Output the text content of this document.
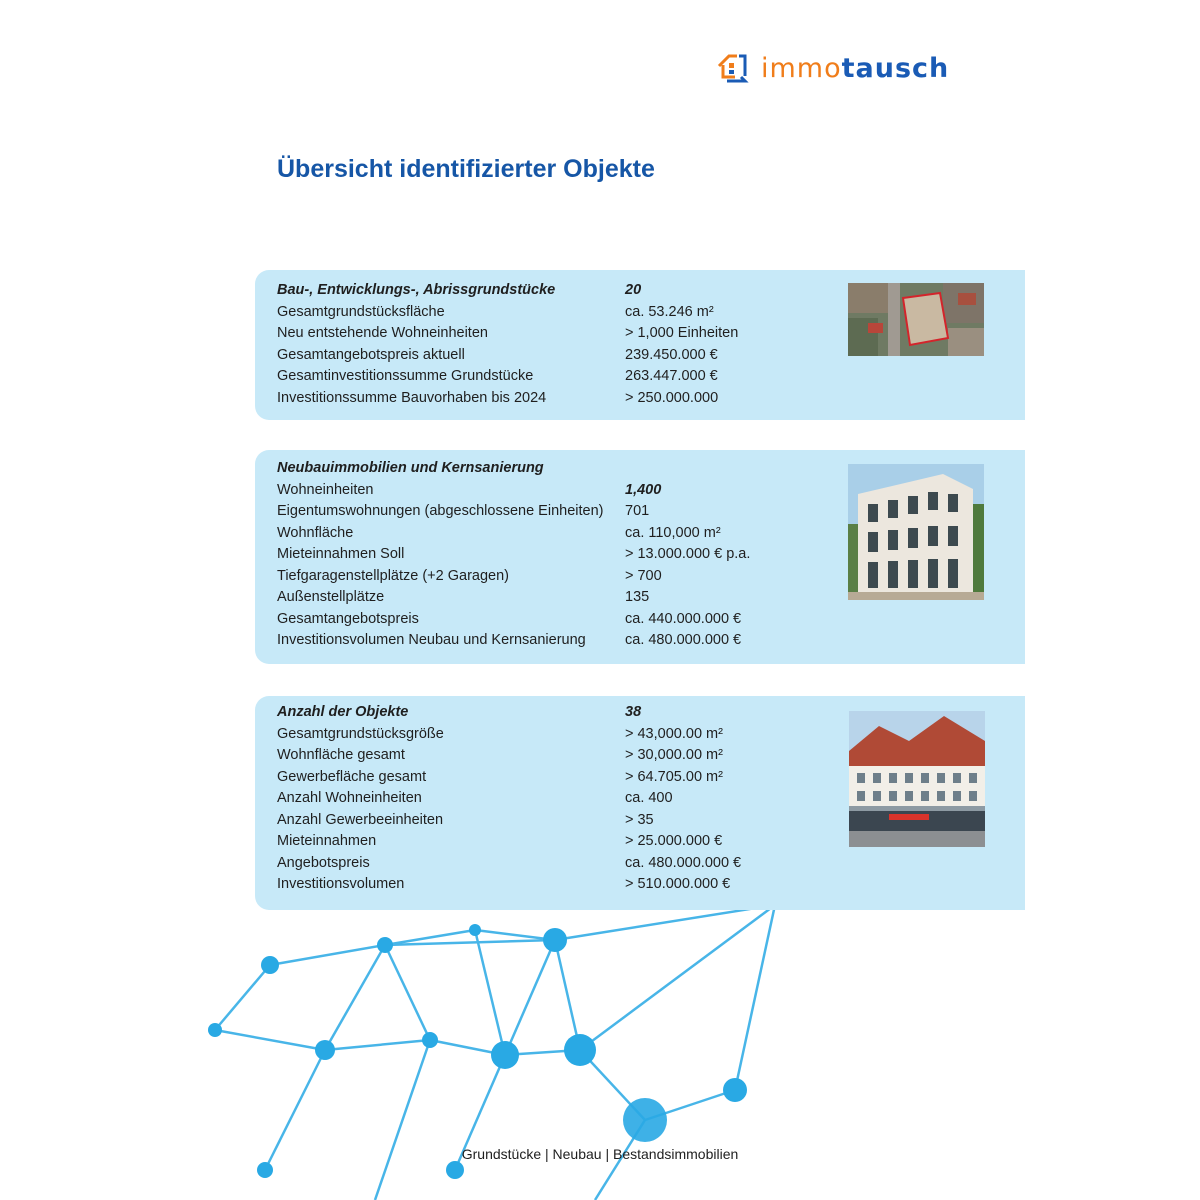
immotausch
Übersicht identifizierter Objekte
Bau-, Entwicklungs-, Abrissgrundstücke	20
Gesamtgrundstücksfläche	ca. 53.246 m²
Neu entstehende Wohneinheiten	> 1,000 Einheiten
Gesamtangebotspreis aktuell	239.450.000 €
Gesamtinvestitionssumme Grundstücke	263.447.000 €
Investitionssumme Bauvorhaben bis 2024	> 250.000.000
Neubauimmobilien und Kernsanierung
Wohneinheiten	1,400
Eigentumswohnungen (abgeschlossene Einheiten)	701
Wohnfläche	ca. 110,000 m²
Mieteinnahmen Soll	> 13.000.000 € p.a.
Tiefgaragenstellplätze (+2 Garagen)	> 700
Außenstellplätze	135
Gesamtangebotspreis	ca. 440.000.000 €
Investitionsvolumen Neubau und Kernsanierung	ca. 480.000.000 €
Anzahl der Objekte	38
Gesamtgrundstücksgröße	> 43,000.00 m²
Wohnfläche gesamt	> 30,000.00 m²
Gewerbefläche gesamt	> 64.705.00 m²
Anzahl Wohneinheiten	ca. 400
Anzahl Gewerbeeinheiten	> 35
Mieteinnahmen	> 25.000.000 €
Angebotspreis	ca. 480.000.000 €
Investitionsvolumen	> 510.000.000 €
Grundstücke | Neubau | Bestandsimmobilien
